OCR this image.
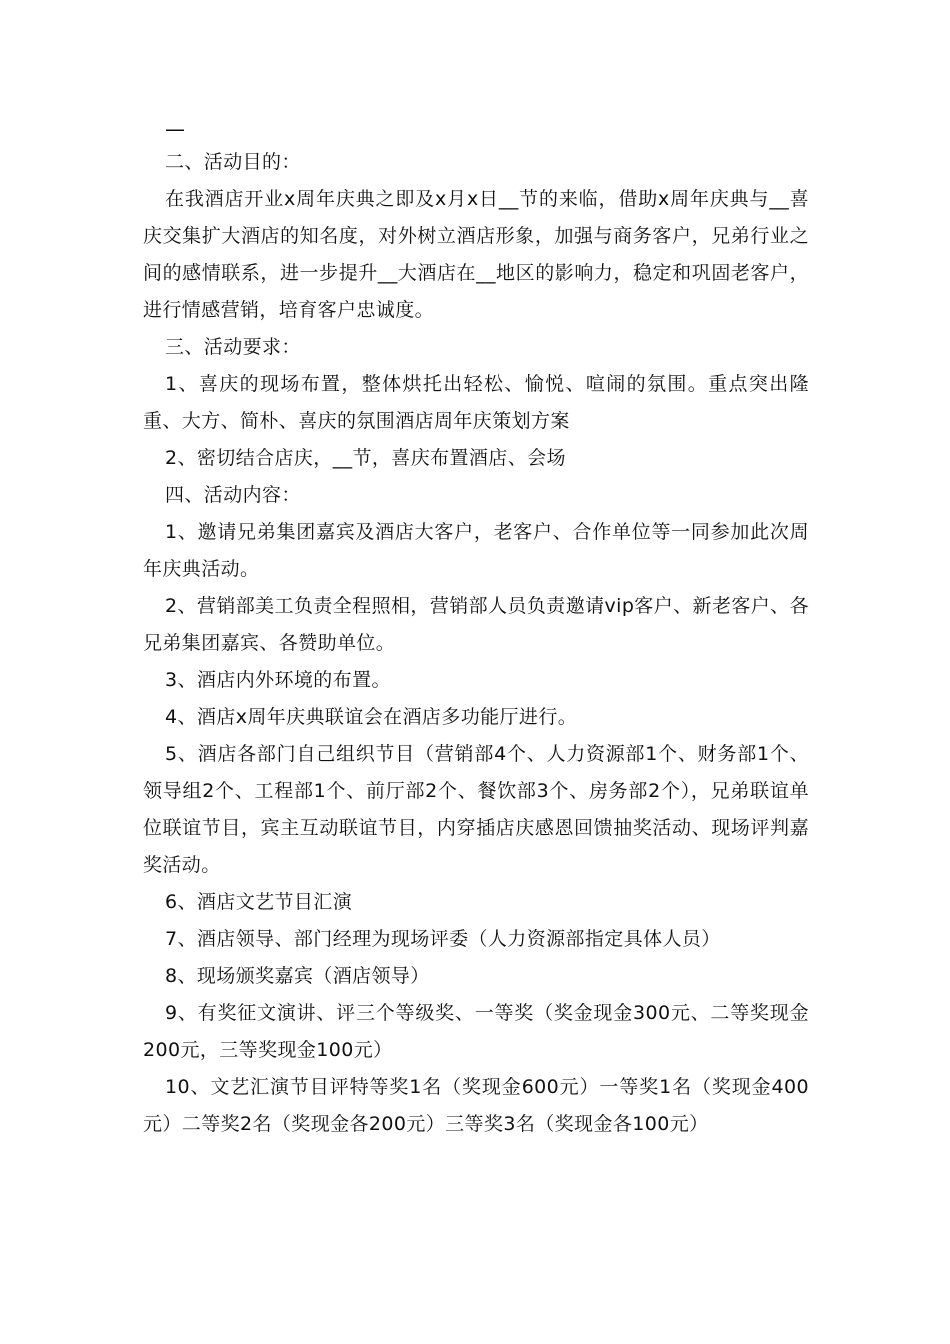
—

二、活动目的：

在我酒店开业x周年庆典之即及x月x日__节的来临，借助x周年庆典与__喜庆交集扩大酒店的知名度，对外树立酒店形象，加强与商务客户，兄弟行业之间的感情联系，进一步提升__大酒店在__地区的影响力，稳定和巩固老客户，进行情感营销，培育客户忠诚度。

三、活动要求：

1、喜庆的现场布置，整体烘托出轻松、愉悦、喧闹的氛围。重点突出隆重、大方、简朴、喜庆的氛围酒店周年庆策划方案

2、密切结合店庆，__节，喜庆布置酒店、会场

四、活动内容：

1、邀请兄弟集团嘉宾及酒店大客户，老客户、合作单位等一同参加此次周年庆典活动。

2、营销部美工负责全程照相，营销部人员负责邀请vip客户、新老客户、各兄弟集团嘉宾、各赞助单位。

3、酒店内外环境的布置。

4、酒店x周年庆典联谊会在酒店多功能厅进行。

5、酒店各部门自己组织节目（营销部4个、人力资源部1个、财务部1个、领导组2个、工程部1个、前厅部2个、餐饮部3个、房务部2个），兄弟联谊单位联谊节目，宾主互动联谊节目，内穿插店庆感恩回馈抽奖活动、现场评判嘉奖活动。

6、酒店文艺节目汇演

7、酒店领导、部门经理为现场评委（人力资源部指定具体人员）

8、现场颁奖嘉宾（酒店领导）

9、有奖征文演讲、评三个等级奖、一等奖（奖金现金300元、二等奖现金200元，三等奖现金100元）

10、文艺汇演节目评特等奖1名（奖现金600元）一等奖1名（奖现金400元）二等奖2名（奖现金各200元）三等奖3名（奖现金各100元）
